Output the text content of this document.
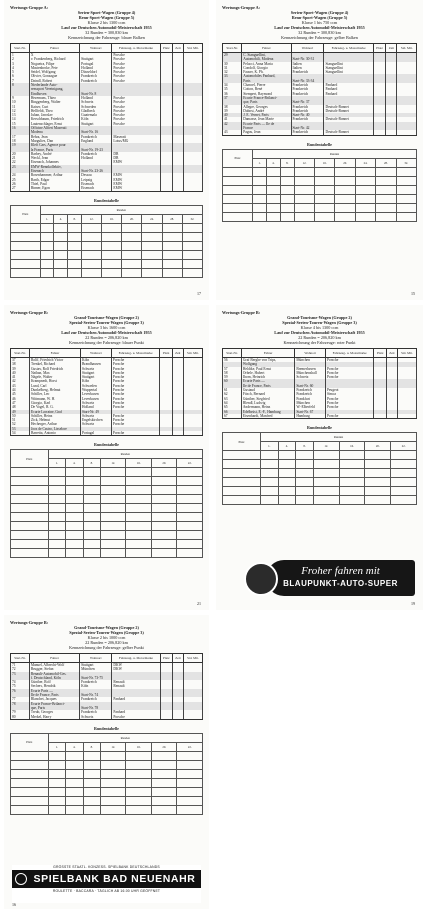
Wertungs-Gruppe A:
Serien-Sport-Wagen (Gruppe 4)
Renn-Sport-Wagen (Gruppe 5)
Klasse 2 bis 1300 ccm

Lauf zur Deutschen Automobil-Meisterschaft 1955
32 Runden = 300,830 km
Kennzeichnung der Fahrzeuge: blauer Balken
Start-Nr.	Fahrer	Wohnort	Fahrzeug- u. Motormarke	Platz	Zeit	Std. Mit.
1	X		Porsche			
2	v. Frankenberg, Richard	Stuttgart	Porsche			
3	Nogueira, Filipe	Portugal	Porsche			
4	Mastenbroke, Pete	Holland	Porsche			
5	Seidel, Wolfgang	Düsseldorf	Porsche			
6	Olivier, Gonzague	Frankreich	Porsche			
7	Daindl, Robert	Frankreich	Porsche			
8	Niederlande Auto-					
	renssport Vereinigung,					
	Eindhoven	Start-Nr. 8				
9	Hezemans, Thieo	Holland	Porsche			
10	Ringgenberg, Walter	Schweiz	Porsche			
11	Kaiser, Curt	Schweden	Porsche			
12	Hellfeldt, Theo	Gladbeck	Porsche			
13	Juhan, Jaroslav	Guatemala	Porsche			
14	Kerschbaum, Friedrich	Köln	Porsche			
15	Lautenschlager, Ernst	Stuttgart	Porsche			
16	Officine Alfieri Maserati					
	Modena	Start-Nr. 16				
17	Behra, Jean	Frankreich	Maserati			
18	Margulies, Dan	England	Lotus/MG			
19	Kleft Cars, Agence pour					
	la France, Paris	Start-Nr. 19-23				
20	Barbey, André	Frankreich	DB			
21	Weckl, Jean	Holland	DB			
22	Eisenach, Johannes		EMW			
23	EMW-Rennkollektiv,					
	Eisenach	Start-Nr. 23-26				
24	Rosenhammer, Arthur	Dessau	EMW			
25	Barth, Edgar	Leipzig	EMW			
26	Thiel, Paul	Eisenach	EMW			
27	Binner, Egon	Eisenach	EMW			
Rundentabelle
Platz	Runden								
	1.	4.	8.	12.	16.	20.	24.	28.	32.

17
Wertungs-Gruppe A:
Serien-Sport-Wagen (Gruppe 4)
Renn-Sport-Wagen (Gruppe 5)
Klasse 1 bis 750 ccm

Lauf zur Deutschen Automobil-Meisterschaft 1955
32 Runden = 300,830 km
Kennzeichnung der Fahrzeuge: gelber Balken
Start-Nr.	Fahrer	Wohnort	Fahrzeug- u. Motormarke	Platz	Zeit	Std. Mit.
29	C. Stanguellini,					
	Automobili, Modena	Start-Nr. 30-31				
30	Pelucci, Anna Maria	Italien	Stanguellini			
31	Condolf, Giorgio	Italien	Stanguellini			
32	Fauser, K. Ph.	Frankreich	Stanguellini			
33	Automobiles Panhard,					
	Paris	Start-Nr. 33-34				
34	Chancel, Pierre	Frankreich	Panhard			
35	Cotton, René	Frankreich	Panhard			
36	Stempert, Raymond	Frankreich	Panhard			
37	Ecurie France-Brilanci-					
	que, Paris	Start-Nr. 37				
38	Allegre, Georges	Frankreich	Deutsch-Bonnet			
39	Dubost, André	Frankreich	Deutsch-Bonnet			
40	J. E. Vernet, Paris	Start-Nr. 40				
41	Damasse, Jean Marie	Frankreich	Deutsch-Bonnet			
42	Ecurie Paris — Ile de					
	France	Start-Nr. 42				
43	Pagou, Jean	Frankreich	Deutsch-Bonnet			
Rundentabelle
Platz	Runden								
	1.	4.	8.	12.	16.	20.	24.	28.	32.

15
Wertungs-Gruppe B:
Grand-Tourisme-Wagen (Gruppe 2)
Spezial-Serien-Touren-Wagen (Gruppe 3)
Klasse 3 bis 1600 ccm

Lauf zur Deutschen Automobil-Meisterschaft 1955
22 Runden = 206,820 km
Kennzeichnung der Fahrzeuge: blauer Punkt
Start-Nr.	Fahrer	Wohnort	Fahrzeug- u. Motormarke	Platz	Zeit	Std. Mit.
37	Rolff, Friedrich Victor	Köln	Porsche			
38	Trenkel, Richard	Brandhausen	Porsche			
39	Gustav, Rolf Friedrich	Schweiz	Porsche			
40	Nathan, Max	Stuttgart	Porsche			
41	Nägele, Walter	Stuttgart	Porsche			
42	Krampnedt, Horst	Köln	Porsche			
43	Lund, Carl	Schweden	Porsche			
44	Dunkelberg, Helmut	Wuppertal	Porsche			
45	Schiller, Leo	Leverkusen	Porsche			
46	Wittmann, W. H.	Leverkusen	Porsche			
47	Giorgio, Karl	Schweiz	Porsche			
48	De Vogel, R. G.	Holland	Porsche			
49	Ecurie Lorraine, Graf	Start-Nr. 49				
50	Schiller, Heinz	Schweiz	Porsche			
51	Zick, Helmut	Engelskirchen	Porsche			
52	Hecherger, Arthur	Schweiz	Porsche			
53	Joos de Castro, Lisselore					
54	Barretta, Antonio	Portugal	Porsche			
Rundentabelle
Platz	Runden						
	1.	4.	8.	12.	16.	20.	22.

21
Wertungs-Gruppe B:
Grand-Tourisme-Wagen (Gruppe 2)
Spezial-Serien-Touren-Wagen (Gruppe 3)
Klasse 4 bis 1300 ccm

Lauf zur Deutschen Automobil-Meisterschaft 1955
22 Runden = 206,820 km
Kennzeichnung der Fahrzeuge: roter Punkt
Start-Nr.	Fahrer	Wohnort	Fahrzeug- u. Motormarke	Platz	Zeit	Std. Mit.
56	Graf Berghe von Trips,	München	Porsche			
	Wolfgang					
57	Heldtke, Paul Ernst	Bremerhaven	Porsche			
58	Orbele, Hubert	Münchenshall	Porsche			
59	Ihorn, Heinrich	Schweiz	Porsche			
60	Ecurie Paris —					
	Ile de France, Paris	Start-Nr. 60				
61	Gustaud	Frankreich	Peugeot			
62	Fitsch, Bernard	Frankreich	Simca			
63	Günther, Siegfried	Frankfurt	Porsche			
64	Blendl, Ludwig	München	Porsche			
65	Andermann, Heinz	W.-Elberfeld	Porsche			
66	Edelbrüst, E.-F., Hamburg	Start-Nr. 67				
67	Eisenhardt, Manfred	Hamburg	Porsche			
Rundentabelle
Platz	Runden						
	1.	4.	8.	12.	16.	20.	22.

Froher fahren mit
BLAUPUNKT-AUTO-SUPER
19
Wertungs-Gruppe B:
Grand-Tourisme-Wagen (Gruppe 2)
Spezial-Serien-Touren-Wagen (Gruppe 3)
Klasse 2 bis 1000 ccm
22 Runden = 206,820 km
Kennzeichnung der Fahrzeuge: gelber Punkt
Start-Nr.	Fahrer	Wohnort	Fahrzeug- u. Motormarke	Platz	Zeit	Std. Mit.
71	Manuel, Albrecht-Wolf	Stuttgart	DKW			
72	Brugger, Stefan	München	DKW			
73	Renault-Automobil-Ges.					
	f. Deutschland, Köln	Start-Nr. 73-75				
74	Günther, Rolf	Frankreich	Renault			
75	Sechers, Hendrik	Köln	Renault			
76	Ecurie Paris —					
	Ile de France, Paris	Start-Nr. 74				
77	Blanchet, Jacques	Frankreich	Panhard			
78	Ecurie France-Brilanci-					
	que, Paris	Start-Nr. 78				
79	Treub, Georges	Frankreich	Panhard			
80	Merkel, Harry	Schweiz	Porsche			
Rundentabelle
Platz	Runden						
	1.	4.	8.	12.	16.	20.	22.

GRÖSSTE STAATL. KONZESS. SPIELBANK DEUTSCHLANDS
SPIELBANK BAD NEUENAHR
ROULETTE · BACCARA · TÄGLICH AB 16.00 UHR GEÖFFNET
16
